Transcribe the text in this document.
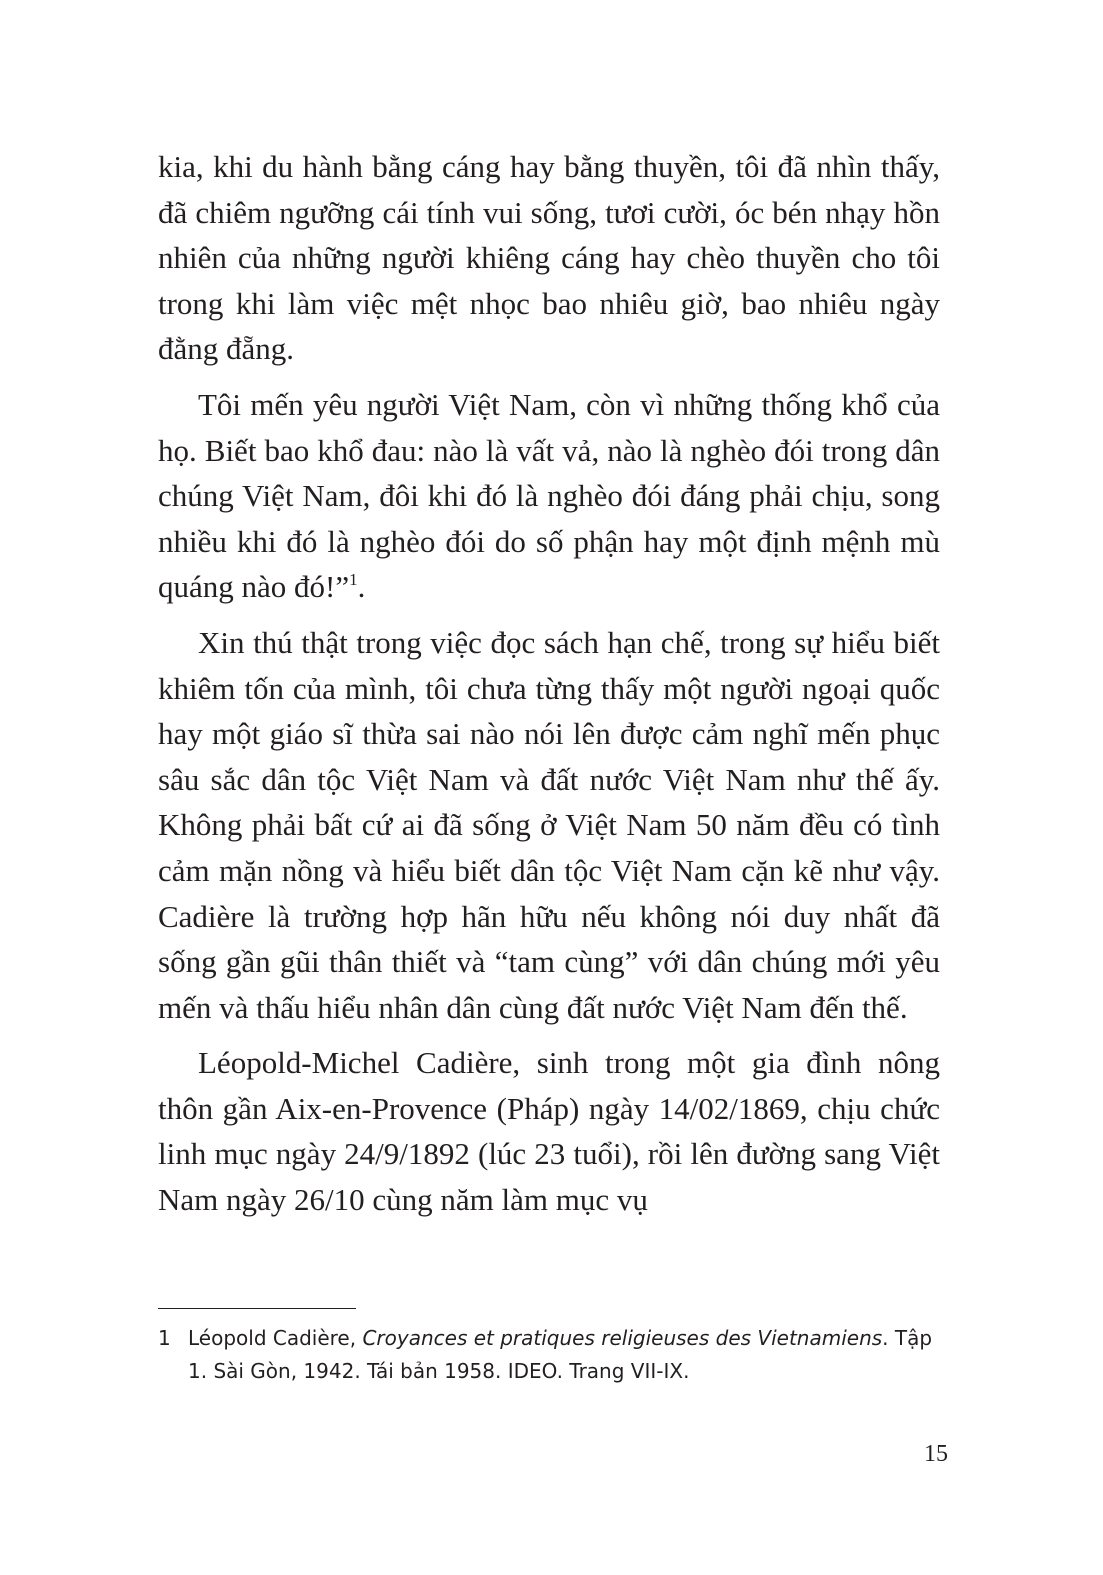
kia, khi du hành bằng cáng hay bằng thuyền, tôi đã nhìn thấy, đã chiêm ngưỡng cái tính vui sống, tươi cười, óc bén nhạy hồn nhiên của những người khiêng cáng hay chèo thuyền cho tôi trong khi làm việc mệt nhọc bao nhiêu giờ, bao nhiêu ngày đằng đẵng.

Tôi mến yêu người Việt Nam, còn vì những thống khổ của họ. Biết bao khổ đau: nào là vất vả, nào là nghèo đói trong dân chúng Việt Nam, đôi khi đó là nghèo đói đáng phải chịu, song nhiều khi đó là nghèo đói do số phận hay một định mệnh mù quáng nào đó!”$^1$.

Xin thú thật trong việc đọc sách hạn chế, trong sự hiểu biết khiêm tốn của mình, tôi chưa từng thấy một người ngoại quốc hay một giáo sĩ thừa sai nào nói lên được cảm nghĩ mến phục sâu sắc dân tộc Việt Nam và đất nước Việt Nam như thế ấy. Không phải bất cứ ai đã sống ở Việt Nam 50 năm đều có tình cảm mặn nồng và hiểu biết dân tộc Việt Nam cặn kẽ như vậy. Cadière là trường hợp hãn hữu nếu không nói duy nhất đã sống gần gũi thân thiết và “tam cùng” với dân chúng mới yêu mến và thấu hiểu nhân dân cùng đất nước Việt Nam đến thế.

Léopold-Michel Cadière, sinh trong một gia đình nông thôn gần Aix-en-Provence (Pháp) ngày 14/02/1869, chịu chức linh mục ngày 24/9/1892 (lúc 23 tuổi), rồi lên đường sang Việt Nam ngày 26/10 cùng năm làm mục vụ

1 Léopold Cadière, Croyances et pratiques religieuses des Vietnamiens. Tập 1. Sài Gòn, 1942. Tái bản 1958. IDEO. Trang VII-IX.
15
